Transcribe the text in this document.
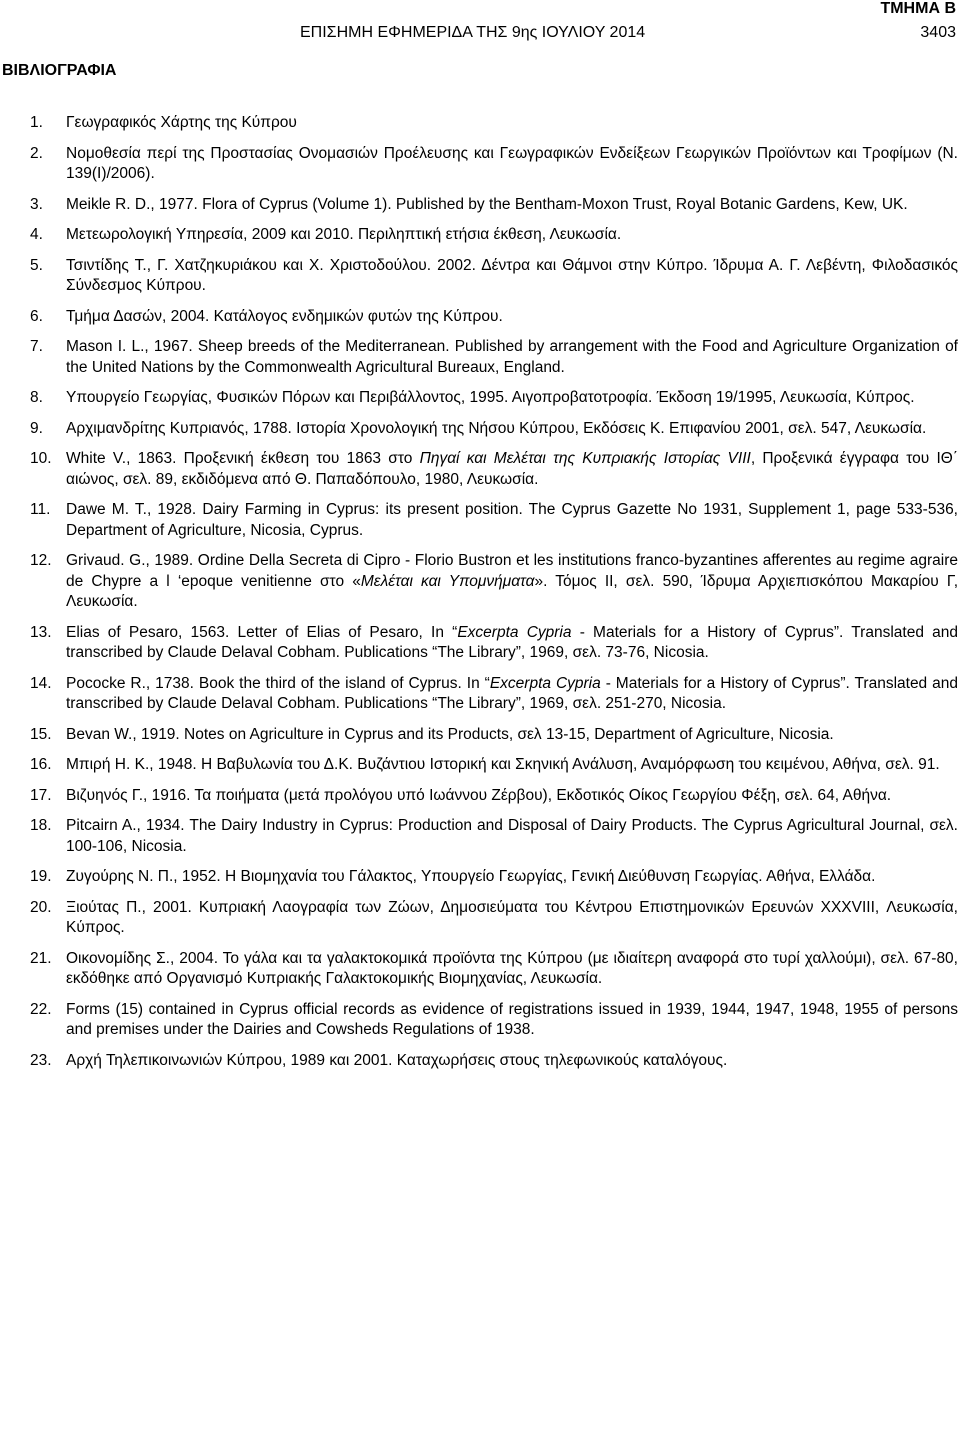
ΤΜΗΜΑ Β
ΕΠΙΣΗΜΗ ΕΦΗΜΕΡΙΔΑ ΤΗΣ 9ης ΙΟΥΛΙΟΥ 2014	3403
ΒΙΒΛΙΟΓΡΑΦΙΑ
1. Γεωγραφικός Χάρτης της Κύπρου
2. Νομοθεσία περί της Προστασίας Ονομασιών Προέλευσης και Γεωγραφικών Ενδείξεων Γεωργικών Προϊόντων και Τροφίμων (Ν. 139(I)/2006).
3. Meikle R. D., 1977. Flora of Cyprus (Volume 1). Published by the Bentham-Moxon Trust, Royal Botanic Gardens, Kew, UK.
4. Μετεωρολογική Υπηρεσία, 2009 και 2010. Περιληπτική ετήσια έκθεση, Λευκωσία.
5. Τσιντίδης Τ., Γ. Χατζηκυριάκου και Χ. Χριστοδούλου. 2002. Δέντρα και Θάμνοι στην Κύπρο. Ίδρυμα Α. Γ. Λεβέντη, Φιλοδασικός Σύνδεσμος Κύπρου.
6. Τμήμα Δασών, 2004. Κατάλογος ενδημικών φυτών της Κύπρου.
7. Mason I. L., 1967. Sheep breeds of the Mediterranean. Published by arrangement with the Food and Agriculture Organization of the United Nations by the Commonwealth Agricultural Bureaux, England.
8. Υπουργείο Γεωργίας, Φυσικών Πόρων και Περιβάλλοντος, 1995. Αιγοπροβατοτροφία. Έκδοση 19/1995, Λευκωσία, Κύπρος.
9. Αρχιμανδρίτης Κυπριανός, 1788. Ιστορία Χρονολογική της Νήσου Κύπρου, Εκδόσεις Κ. Επιφανίου 2001, σελ. 547, Λευκωσία.
10. White V., 1863. Προξενική έκθεση του 1863 στο Πηγαί και Μελέται της Κυπριακής Ιστορίας VIII, Προξενικά έγγραφα του ΙΘ΄ αιώνος, σελ. 89, εκδιδόμενα από Θ. Παπαδόπουλο, 1980, Λευκωσία.
11. Dawe M. T., 1928. Dairy Farming in Cyprus: its present position. The Cyprus Gazette No 1931, Supplement 1, page 533-536, Department of Agriculture, Nicosia, Cyprus.
12. Grivaud. G., 1989. Ordine Della Secreta di Cipro - Florio Bustron et les institutions franco-byzantines afferentes au regime agraire de Chypre a l ‘epoque venitienne στο «Μελέται και Υπομνήματα». Τόμος ΙΙ, σελ. 590, Ίδρυμα Αρχιεπισκόπου Μακαρίου Γ, Λευκωσία.
13. Elias of Pesaro, 1563. Letter of Elias of Pesaro, In “Excerpta Cypria - Materials for a History of Cyprus”. Translated and transcribed by Claude Delaval Cobham. Publications “The Library”, 1969, σελ. 73-76, Nicosia.
14. Pococke R., 1738. Book the third of the island of Cyprus. In “Excerpta Cypria - Materials for a History of Cyprus”. Translated and transcribed by Claude Delaval Cobham. Publications “The Library”, 1969, σελ. 251-270, Nicosia.
15. Bevan W., 1919. Notes on Agriculture in Cyprus and its Products, σελ 13-15, Department of Agriculture, Nicosia.
16. Μπιρή Η. Κ., 1948. Η Βαβυλωνία του Δ.Κ. Βυζάντιου Ιστορική και Σκηνική Ανάλυση, Αναμόρφωση του κειμένου, Αθήνα, σελ. 91.
17. Βιζυηνός Γ., 1916. Τα ποιήματα (μετά προλόγου υπό Ιωάννου Ζέρβου), Εκδοτικός Οίκος Γεωργίου Φέξη, σελ. 64, Αθήνα.
18. Pitcairn A., 1934. The Dairy Industry in Cyprus: Production and Disposal of Dairy Products. The Cyprus Agricultural Journal, σελ. 100-106, Nicosia.
19. Ζυγούρης Ν. Π., 1952. Η Βιομηχανία του Γάλακτος, Υπουργείο Γεωργίας, Γενική Διεύθυνση Γεωργίας. Αθήνα, Ελλάδα.
20. Ξιούτας Π., 2001. Κυπριακή Λαογραφία των Ζώων, Δημοσιεύματα του Κέντρου Επιστημονικών Ερευνών XXXVIII, Λευκωσία, Κύπρος.
21. Οικονομίδης Σ., 2004. Το γάλα και τα γαλακτοκομικά προϊόντα της Κύπρου (με ιδιαίτερη αναφορά στο τυρί χαλλούμι), σελ. 67-80, εκδόθηκε από Οργανισμό Κυπριακής Γαλακτοκομικής Βιομηχανίας, Λευκωσία.
22. Forms (15) contained in Cyprus official records as evidence of registrations issued in 1939, 1944, 1947, 1948, 1955 of persons and premises under the Dairies and Cowsheds Regulations of 1938.
23. Αρχή Τηλεπικοινωνιών Κύπρου, 1989 και 2001. Καταχωρήσεις στους τηλεφωνικούς καταλόγους.
